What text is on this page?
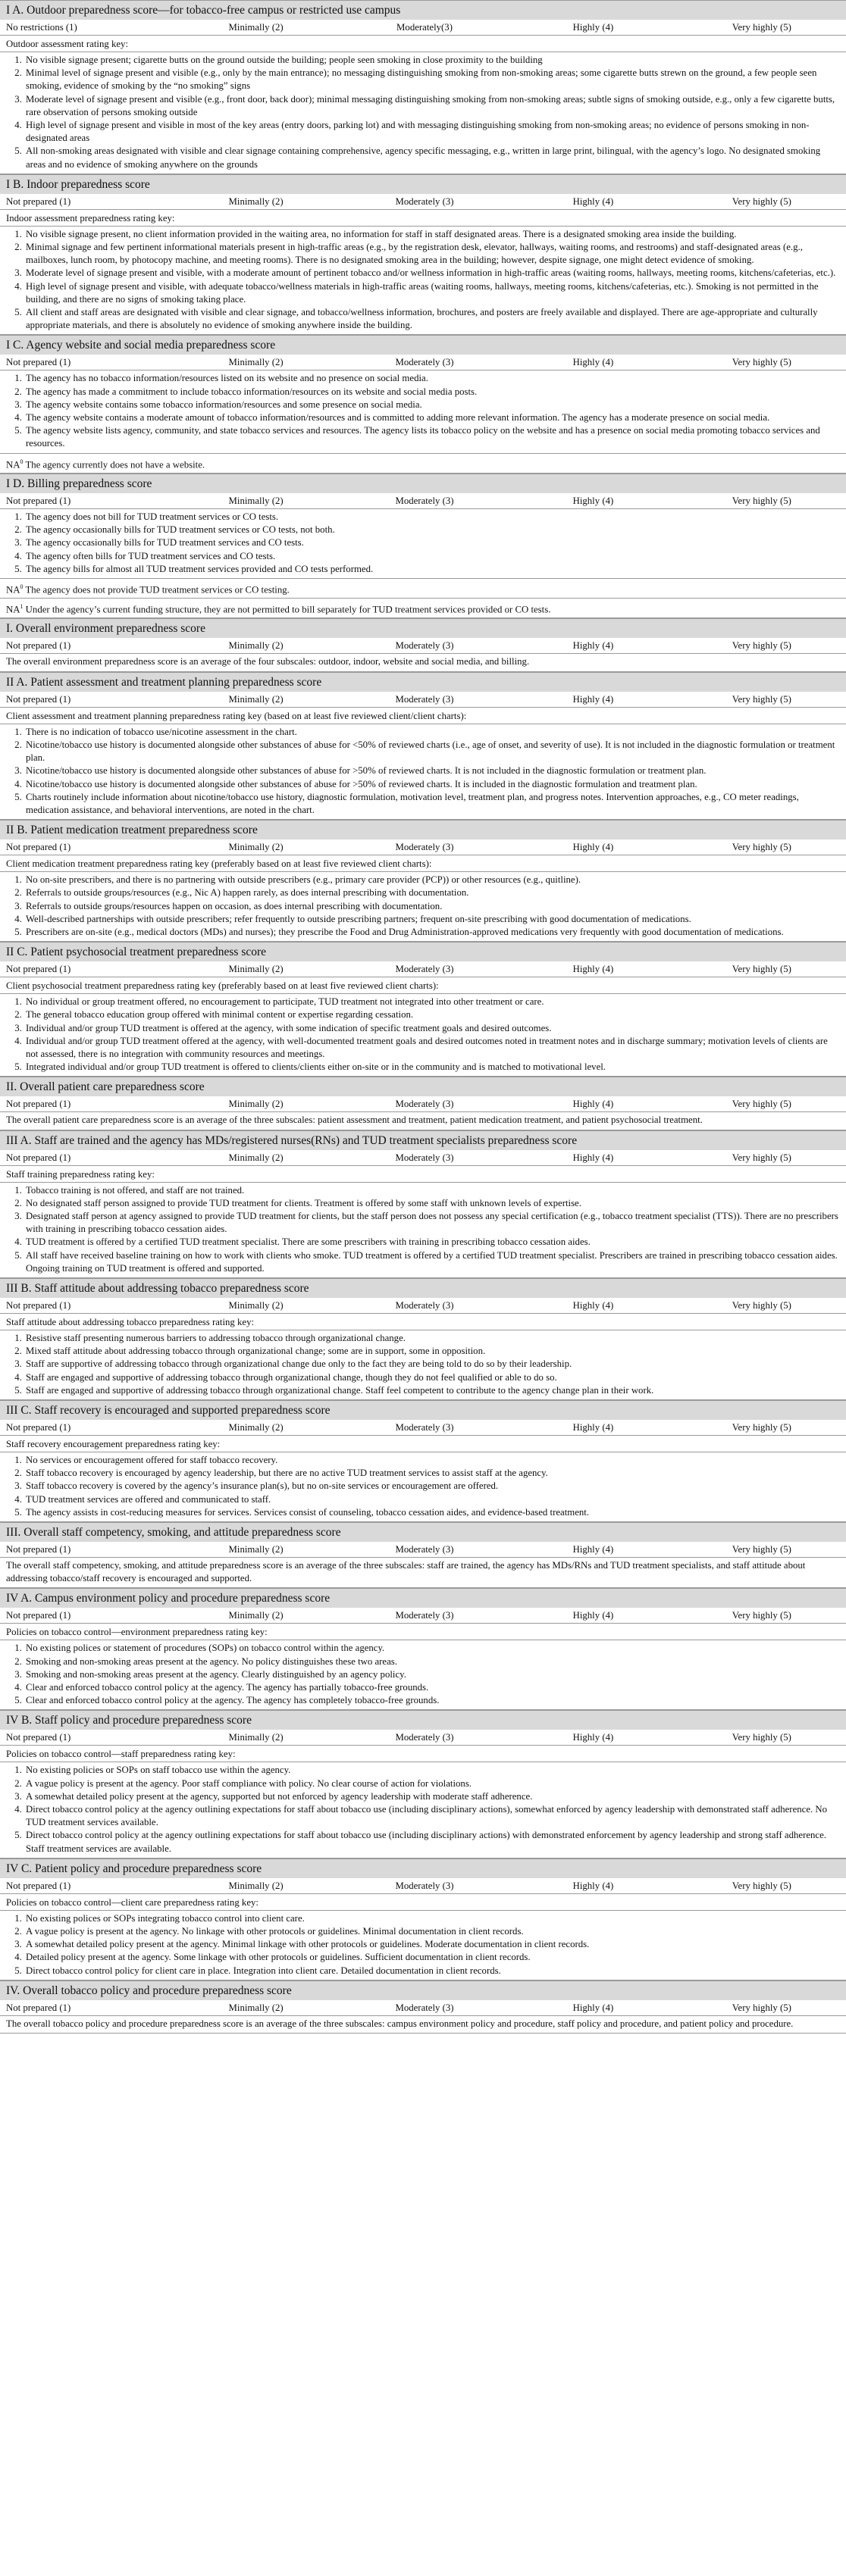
I A. Outdoor preparedness score—for tobacco-free campus or restricted use campus
No restrictions (1)	Minimally (2)	Moderately(3)	Highly (4)	Very highly (5)
Outdoor assessment rating key:
1. No visible signage present; cigarette butts on the ground outside the building; people seen smoking in close proximity to the building
2. Minimal level of signage present and visible (e.g., only by the main entrance); no messaging distinguishing smoking from non-smoking areas; some cigarette butts strewn on the ground, a few people seen smoking, evidence of smoking by the “no smoking” signs
3. Moderate level of signage present and visible (e.g., front door, back door); minimal messaging distinguishing smoking from non-smoking areas; subtle signs of smoking outside, e.g., only a few cigarette butts, rare observation of persons smoking outside
4. High level of signage present and visible in most of the key areas (entry doors, parking lot) and with messaging distinguishing smoking from non-smoking areas; no evidence of persons smoking in non-designated areas
5. All non-smoking areas designated with visible and clear signage containing comprehensive, agency specific messaging, e.g., written in large print, bilingual, with the agency’s logo. No designated smoking areas and no evidence of smoking anywhere on the grounds
I B. Indoor preparedness score
Not prepared (1)	Minimally (2)	Moderately (3)	Highly (4)	Very highly (5)
Indoor assessment preparedness rating key:
1. No visible signage present, no client information provided in the waiting area, no information for staff in staff designated areas. There is a designated smoking area inside the building.
2. Minimal signage and few pertinent informational materials present in high-traffic areas (e.g., by the registration desk, elevator, hallways, waiting rooms, and restrooms) and staff-designated areas (e.g., mailboxes, lunch room, by photocopy machine, and meeting rooms). There is no designated smoking area in the building; however, despite signage, one might detect evidence of smoking.
3. Moderate level of signage present and visible, with a moderate amount of pertinent tobacco and/or wellness information in high-traffic areas (waiting rooms, hallways, meeting rooms, kitchens/cafeterias, etc.).
4. High level of signage present and visible, with adequate tobacco/wellness materials in high-traffic areas (waiting rooms, hallways, meeting rooms, kitchens/cafeterias, etc.). Smoking is not permitted in the building, and there are no signs of smoking taking place.
5. All client and staff areas are designated with visible and clear signage, and tobacco/wellness information, brochures, and posters are freely available and displayed. There are age-appropriate and culturally appropriate materials, and there is absolutely no evidence of smoking anywhere inside the building.
I C. Agency website and social media preparedness score
Not prepared (1)	Minimally (2)	Moderately (3)	Highly (4)	Very highly (5)
1. The agency has no tobacco information/resources listed on its website and no presence on social media.
2. The agency has made a commitment to include tobacco information/resources on its website and social media posts.
3. The agency website contains some tobacco information/resources and some presence on social media.
4. The agency website contains a moderate amount of tobacco information/resources and is committed to adding more relevant information. The agency has a moderate presence on social media.
5. The agency website lists agency, community, and state tobacco services and resources. The agency lists its tobacco policy on the website and has a presence on social media promoting tobacco services and resources.
$NA^0$ The agency currently does not have a website.
I D. Billing preparedness score
Not prepared (1)	Minimally (2)	Moderately (3)	Highly (4)	Very highly (5)
1. The agency does not bill for TUD treatment services or CO tests.
2. The agency occasionally bills for TUD treatment services or CO tests, not both.
3. The agency occasionally bills for TUD treatment services and CO tests.
4. The agency often bills for TUD treatment services and CO tests.
5. The agency bills for almost all TUD treatment services provided and CO tests performed.
$NA^0$ The agency does not provide TUD treatment services or CO testing.
$NA^1$ Under the agency’s current funding structure, they are not permitted to bill separately for TUD treatment services provided or CO tests.
I. Overall environment preparedness score
Not prepared (1)	Minimally (2)	Moderately (3)	Highly (4)	Very highly (5)
The overall environment preparedness score is an average of the four subscales: outdoor, indoor, website and social media, and billing.
II A. Patient assessment and treatment planning preparedness score
Not prepared (1)	Minimally (2)	Moderately (3)	Highly (4)	Very highly (5)
Client assessment and treatment planning preparedness rating key (based on at least five reviewed client/client charts):
1. There is no indication of tobacco use/nicotine assessment in the chart.
2. Nicotine/tobacco use history is documented alongside other substances of abuse for <50% of reviewed charts (i.e., age of onset, and severity of use). It is not included in the diagnostic formulation or treatment plan.
3. Nicotine/tobacco use history is documented alongside other substances of abuse for >50% of reviewed charts. It is not included in the diagnostic formulation or treatment plan.
4. Nicotine/tobacco use history is documented alongside other substances of abuse for >50% of reviewed charts. It is included in the diagnostic formulation and treatment plan.
5. Charts routinely include information about nicotine/tobacco use history, diagnostic formulation, motivation level, treatment plan, and progress notes. Intervention approaches, e.g., CO meter readings, medication assistance, and behavioral interventions, are noted in the chart.
II B. Patient medication treatment preparedness score
Not prepared (1)	Minimally (2)	Moderately (3)	Highly (4)	Very highly (5)
Client medication treatment preparedness rating key (preferably based on at least five reviewed client charts):
1. No on-site prescribers, and there is no partnering with outside prescribers (e.g., primary care provider (PCP)) or other resources (e.g., quitline).
2. Referrals to outside groups/resources (e.g., Nic A) happen rarely, as does internal prescribing with documentation.
3. Referrals to outside groups/resources happen on occasion, as does internal prescribing with documentation.
4. Well-described partnerships with outside prescribers; refer frequently to outside prescribing partners; frequent on-site prescribing with good documentation of medications.
5. Prescribers are on-site (e.g., medical doctors (MDs) and nurses); they prescribe the Food and Drug Administration-approved medications very frequently with good documentation of medications.
II C. Patient psychosocial treatment preparedness score
Not prepared (1)	Minimally (2)	Moderately (3)	Highly (4)	Very highly (5)
Client psychosocial treatment preparedness rating key (preferably based on at least five reviewed client charts):
1. No individual or group treatment offered, no encouragement to participate, TUD treatment not integrated into other treatment or care.
2. The general tobacco education group offered with minimal content or expertise regarding cessation.
3. Individual and/or group TUD treatment is offered at the agency, with some indication of specific treatment goals and desired outcomes.
4. Individual and/or group TUD treatment offered at the agency, with well-documented treatment goals and desired outcomes noted in treatment notes and in discharge summary; motivation levels of clients are not assessed, there is no integration with community resources and meetings.
5. Integrated individual and/or group TUD treatment is offered to clients/clients either on-site or in the community and is matched to motivational level.
II. Overall patient care preparedness score
Not prepared (1)	Minimally (2)	Moderately (3)	Highly (4)	Very highly (5)
The overall patient care preparedness score is an average of the three subscales: patient assessment and treatment, patient medication treatment, and patient psychosocial treatment.
III A. Staff are trained and the agency has MDs/registered nurses(RNs) and TUD treatment specialists preparedness score
Not prepared (1)	Minimally (2)	Moderately (3)	Highly (4)	Very highly (5)
Staff training preparedness rating key:
1. Tobacco training is not offered, and staff are not trained.
2. No designated staff person assigned to provide TUD treatment for clients. Treatment is offered by some staff with unknown levels of expertise.
3. Designated staff person at agency assigned to provide TUD treatment for clients, but the staff person does not possess any special certification (e.g., tobacco treatment specialist (TTS)). There are no prescribers with training in prescribing tobacco cessation aides.
4. TUD treatment is offered by a certified TUD treatment specialist. There are some prescribers with training in prescribing tobacco cessation aides.
5. All staff have received baseline training on how to work with clients who smoke. TUD treatment is offered by a certified TUD treatment specialist. Prescribers are trained in prescribing tobacco cessation aides. Ongoing training on TUD treatment is offered and supported.
III B. Staff attitude about addressing tobacco preparedness score
Not prepared (1)	Minimally (2)	Moderately (3)	Highly (4)	Very highly (5)
Staff attitude about addressing tobacco preparedness rating key:
1. Resistive staff presenting numerous barriers to addressing tobacco through organizational change.
2. Mixed staff attitude about addressing tobacco through organizational change; some are in support, some in opposition.
3. Staff are supportive of addressing tobacco through organizational change due only to the fact they are being told to do so by their leadership.
4. Staff are engaged and supportive of addressing tobacco through organizational change, though they do not feel qualified or able to do so.
5. Staff are engaged and supportive of addressing tobacco through organizational change. Staff feel competent to contribute to the agency change plan in their work.
III C. Staff recovery is encouraged and supported preparedness score
Not prepared (1)	Minimally (2)	Moderately (3)	Highly (4)	Very highly (5)
Staff recovery encouragement preparedness rating key:
1. No services or encouragement offered for staff tobacco recovery.
2. Staff tobacco recovery is encouraged by agency leadership, but there are no active TUD treatment services to assist staff at the agency.
3. Staff tobacco recovery is covered by the agency’s insurance plan(s), but no on-site services or encouragement are offered.
4. TUD treatment services are offered and communicated to staff.
5. The agency assists in cost-reducing measures for services. Services consist of counseling, tobacco cessation aides, and evidence-based treatment.
III. Overall staff competency, smoking, and attitude preparedness score
Not prepared (1)	Minimally (2)	Moderately (3)	Highly (4)	Very highly (5)
The overall staff competency, smoking, and attitude preparedness score is an average of the three subscales: staff are trained, the agency has MDs/RNs and TUD treatment specialists, and staff attitude about addressing tobacco/staff recovery is encouraged and supported.
IV A. Campus environment policy and procedure preparedness score
Not prepared (1)	Minimally (2)	Moderately (3)	Highly (4)	Very highly (5)
Policies on tobacco control—environment preparedness rating key:
1. No existing polices or statement of procedures (SOPs) on tobacco control within the agency.
2. Smoking and non-smoking areas present at the agency. No policy distinguishes these two areas.
3. Smoking and non-smoking areas present at the agency. Clearly distinguished by an agency policy.
4. Clear and enforced tobacco control policy at the agency. The agency has partially tobacco-free grounds.
5. Clear and enforced tobacco control policy at the agency. The agency has completely tobacco-free grounds.
IV B. Staff policy and procedure preparedness score
Not prepared (1)	Minimally (2)	Moderately (3)	Highly (4)	Very highly (5)
Policies on tobacco control—staff preparedness rating key:
1. No existing policies or SOPs on staff tobacco use within the agency.
2. A vague policy is present at the agency. Poor staff compliance with policy. No clear course of action for violations.
3. A somewhat detailed policy present at the agency, supported but not enforced by agency leadership with moderate staff adherence.
4. Direct tobacco control policy at the agency outlining expectations for staff about tobacco use (including disciplinary actions), somewhat enforced by agency leadership with demonstrated staff adherence. No TUD treatment services available.
5. Direct tobacco control policy at the agency outlining expectations for staff about tobacco use (including disciplinary actions) with demonstrated enforcement by agency leadership and strong staff adherence. Staff treatment services are available.
IV C. Patient policy and procedure preparedness score
Not prepared (1)	Minimally (2)	Moderately (3)	Highly (4)	Very highly (5)
Policies on tobacco control—client care preparedness rating key:
1. No existing polices or SOPs integrating tobacco control into client care.
2. A vague policy is present at the agency. No linkage with other protocols or guidelines. Minimal documentation in client records.
3. A somewhat detailed policy present at the agency. Minimal linkage with other protocols or guidelines. Moderate documentation in client records.
4. Detailed policy present at the agency. Some linkage with other protocols or guidelines. Sufficient documentation in client records.
5. Direct tobacco control policy for client care in place. Integration into client care. Detailed documentation in client records.
IV. Overall tobacco policy and procedure preparedness score
Not prepared (1)	Minimally (2)	Moderately (3)	Highly (4)	Very highly (5)
The overall tobacco policy and procedure preparedness score is an average of the three subscales: campus environment policy and procedure, staff policy and procedure, and patient policy and procedure.
